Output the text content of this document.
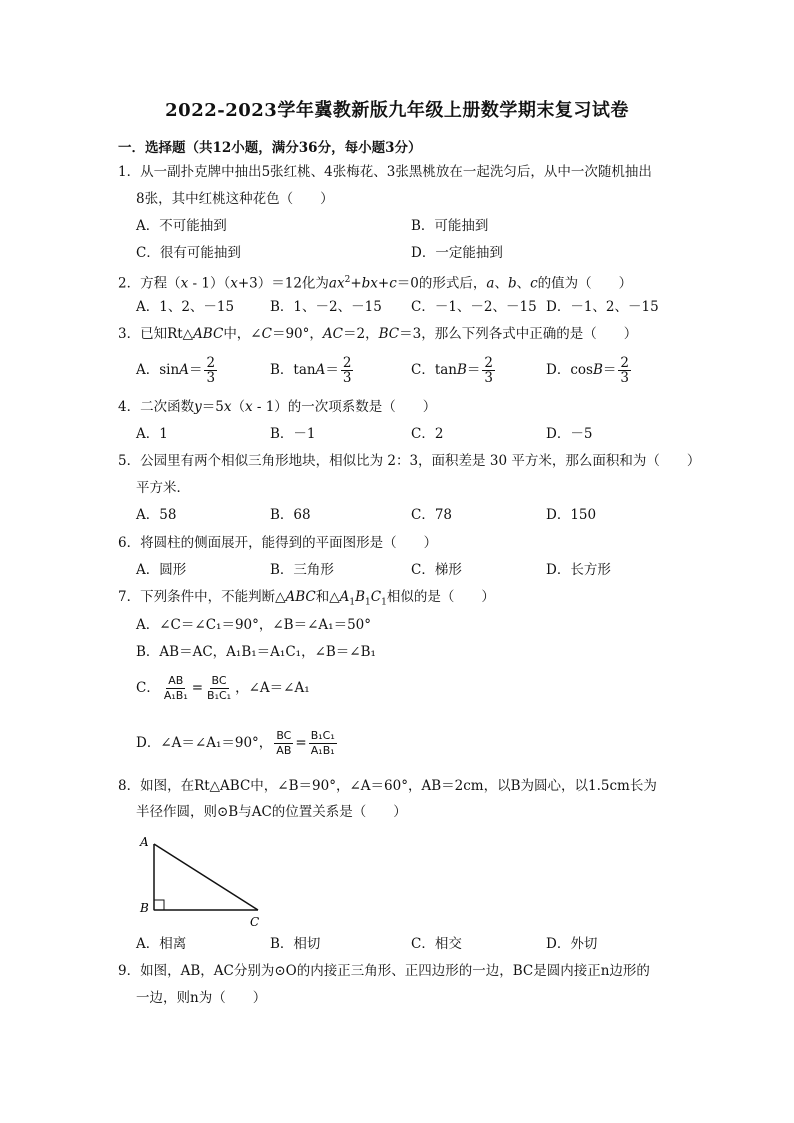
2022-2023学年冀教新版九年级上册数学期末复习试卷
一．选择题（共12小题，满分36分，每小题3分）
1．从一副扑克牌中抽出5张红桃、4张梅花、3张黑桃放在一起洗匀后，从中一次随机抽出
8张，其中红桃这种花色（　　）
A．不可能抽到	B．可能抽到
C．很有可能抽到	D．一定能抽到
2．方程（x - 1）（x+3）＝12化为$ax^2+bx+c=0$的形式后，a、b、c的值为（　　）
A．1、2、－15	B．1、－2、－15 C．－1、－2、－15 D．－1、2、－15
3．已知Rt△ABC中，∠C＝90°，AC＝2，BC＝3，那么下列各式中正确的是（　　）
A．$\sin A= \frac{2}{3}$	B．$\tan A= \frac{2}{3}$	C．$\tan B= \frac{2}{3}$	D．$\cos B= \frac{2}{3}$
4．二次函数y＝5x（x - 1）的一次项系数是（　　）
A．1	B．－1	C．2	D．－5
5．公园里有两个相似三角形地块，相似比为 2：3，面积差是 30 平方米，那么面积和为（　　）
平方米．
A．58	B．68	C．78	D．150
6．将圆柱的侧面展开，能得到的平面图形是（　　）
A．圆形	B．三角形	C．梯形	D．长方形
7．下列条件中，不能判断△ABC和$\triangle A_1B_1C_1$相似的是（　　）
A．∠C＝∠C₁＝90°，∠B＝∠A₁＝50°
B．AB＝AC，A₁B₁＝A₁C₁，∠B＝∠B₁
C． $\frac{AB}{\text{A₁B₁}} = \frac{BC}{\text{B₁C₁}}$ ，∠A＝∠A₁
D．∠A＝∠A₁＝90°， $\frac{BC}{AB} = \frac{\text{B₁C₁}}{\text{A₁B₁}}$
8．如图，在Rt△ABC中，∠B＝90°，∠A＝60°，AB＝2cm，以B为圆心，以1.5cm长为
半径作圆，则⊙B与AC的位置关系是（　　）
A
B
C
A．相离	B．相切	C．相交	D．外切
9．如图，AB，AC分别为⊙O的内接正三角形、正四边形的一边，BC是圆内接正n边形的
一边，则n为（　　）
